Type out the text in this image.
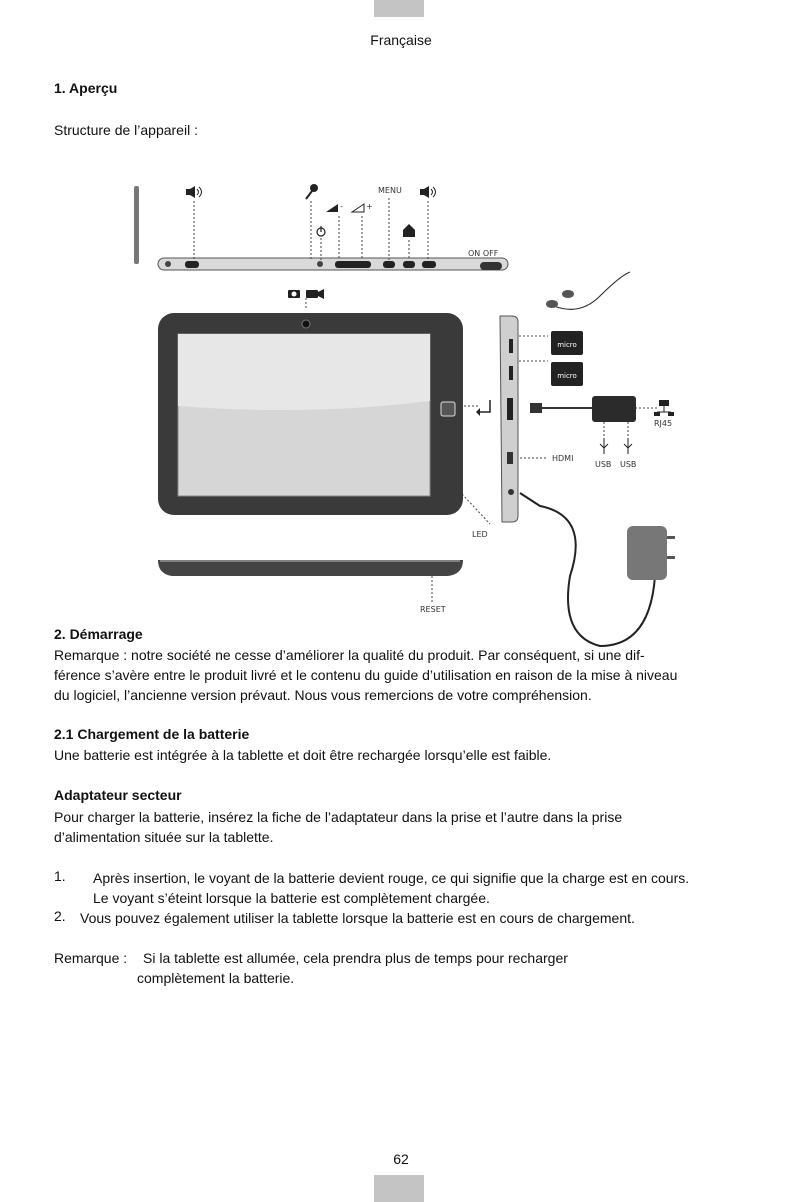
Française
1. Aperçu

Structure de l’appareil :

MENU
-	+
ON OFF
micro
micro
RJ45
USB USB
HDMI
LED
RESET
2. Démarrage

Remarque : notre société ne cesse d’améliorer la qualité du produit. Par conséquent, si une dif-

férence s’avère entre le produit livré et le contenu du guide d’utilisation en raison de la mise à niveau

du logiciel, l’ancienne version prévaut. Nous vous remercions de votre compréhension.

2.1 Chargement de la batterie

Une batterie est intégrée à la tablette et doit être rechargée lorsqu’elle est faible.

Adaptateur secteur

Pour charger la batterie, insérez la fiche de l’adaptateur dans la prise et l’autre dans la prise

d’alimentation située sur la tablette.

1. Après insertion, le voyant de la batterie devient rouge, ce qui signifie que la charge est en cours.

Le voyant s’éteint lorsque la batterie est complètement chargée.

2. Vous pouvez également utiliser la tablette lorsque la batterie est en cours de chargement.

Remarque : Si la tablette est allumée, cela prendra plus de temps pour recharger

complètement la batterie.

62
